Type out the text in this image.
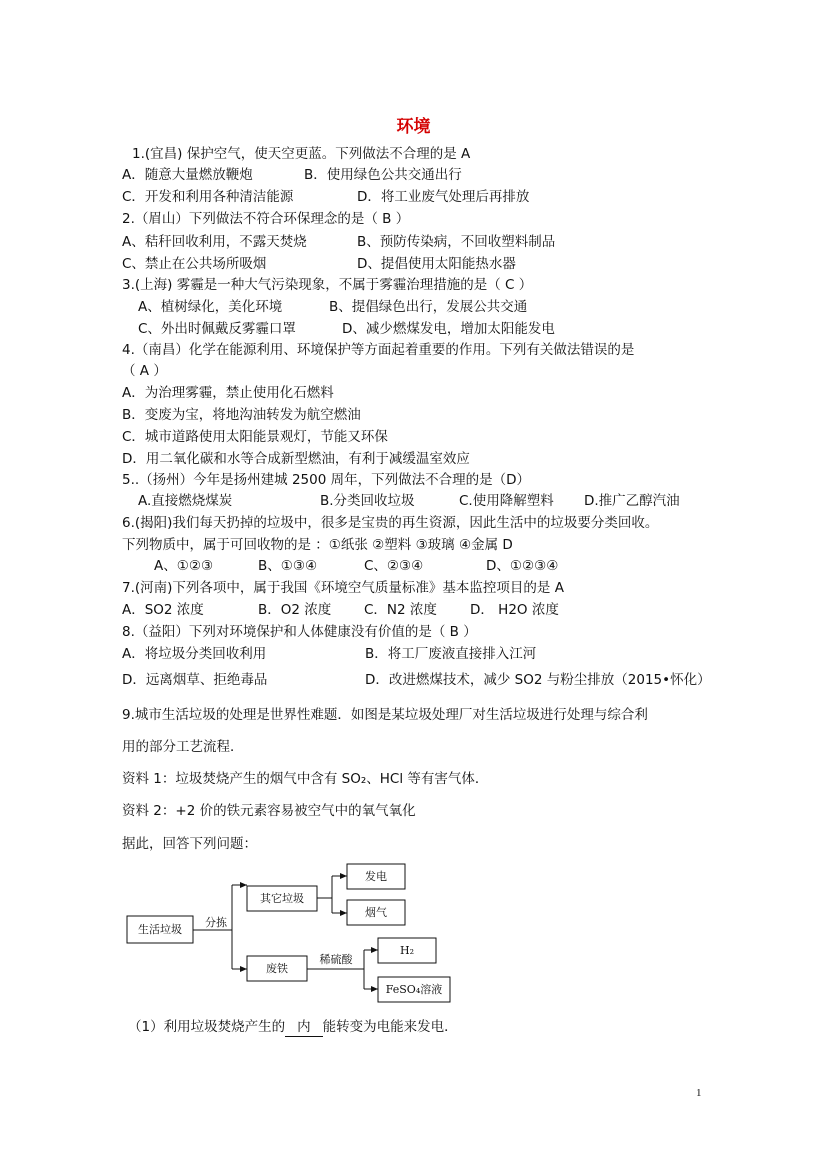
环境
1.(宜昌) 保护空气，使天空更蓝。下列做法不合理的是 A
A．随意大量燃放鞭炮	B．使用绿色公共交通出行
C．开发和利用各种清洁能源	D．将工业废气处理后再排放
2.（眉山）下列做法不符合环保理念的是（ B ）
A、秸秆回收利用，不露天焚烧	B、预防传染病，不回收塑料制品
C、禁止在公共场所吸烟	D、提倡使用太阳能热水器
3.(上海) 雾霾是一种大气污染现象，不属于雾霾治理措施的是（ C ）
A、植树绿化，美化环境	B、提倡绿色出行，发展公共交通
C、外出时佩戴反雾霾口罩	D、减少燃煤发电，增加太阳能发电
4.（南昌）化学在能源利用、环境保护等方面起着重要的作用。下列有关做法错误的是
（ A ）
A．为治理雾霾，禁止使用化石燃料
B．变废为宝，将地沟油转发为航空燃油
C．城市道路使用太阳能景观灯，节能又环保
D．用二氧化碳和水等合成新型燃油，有利于减缓温室效应
5..（扬州）今年是扬州建城 2500 周年，下列做法不合理的是（D）
A.直接燃烧煤炭	B.分类回收垃圾	C.使用降解塑料 D.推广乙醇汽油
6.(揭阳)我们每天扔掉的垃圾中，很多是宝贵的再生资源，因此生活中的垃圾要分类回收。
下列物质中，属于可回收物的是 ：①纸张 ②塑料 ③玻璃 ④金属 D
A、①②③	B、①③④	C、②③④	D、①②③④
7.(河南)下列各项中，属于我国《环境空气质量标准》基本监控项目的是 A
A．SO2 浓度	B．O2 浓度 C．N2 浓度 D． H2O 浓度
8.（益阳）下列对环境保护和人体健康没有价值的是（ B ）
A．将垃圾分类回收利用	B．将工厂废液直接排入江河
D．远离烟草、拒绝毒品	D．改进燃煤技术，减少 SO2 与粉尘排放（2015•怀化）
9.城市生活垃圾的处理是世界性难题．如图是某垃圾处理厂对生活垃圾进行处理与综合利
用的部分工艺流程．
资料 1：垃圾焚烧产生的烟气中含有 SO₂、HCl 等有害气体．
资料 2：+2 价的铁元素容易被空气中的氧气氧化
据此，回答下列问题：
生活垃圾
分拣
其它垃圾
发电
烟气
废铁
稀硫酸
H₂
FeSO₄溶液
（1）利用垃圾焚烧产生的 内 能转变为电能来发电．
1
